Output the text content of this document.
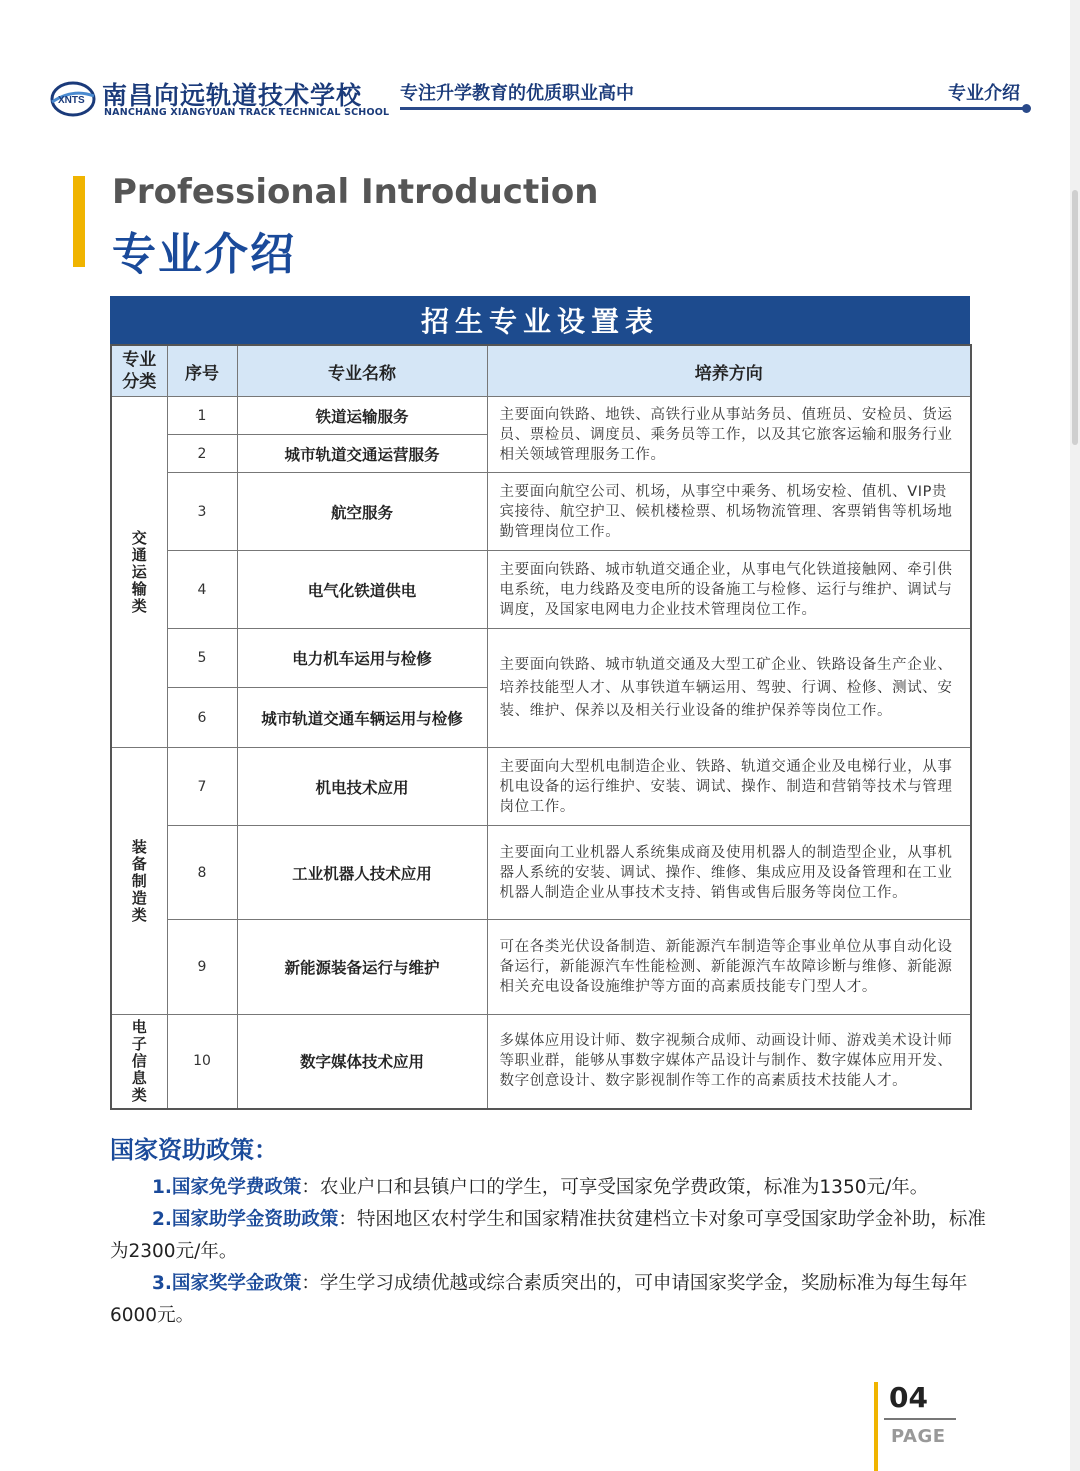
XNTS 南昌向远轨道技术学校
NANCHANG XIANGYUAN TRACK TECHNICAL SCHOOL
专注升学教育的优质职业高中	专业介绍
Professional Introduction
专业介绍
招生专业设置表
专业分类	序号	专业名称	培养方向
交通运输类	1	铁道运输服务	主要面向铁路、地铁、高铁行业从事站务员、值班员、安检员、货运员、票检员、调度员、乘务员等工作，以及其它旅客运输和服务行业相关领域管理服务工作。
	2	城市轨道交通运营服务	
	3	航空服务	主要面向航空公司、机场，从事空中乘务、机场安检、值机、VIP贵宾接待、航空护卫、候机楼检票、机场物流管理、客票销售等机场地勤管理岗位工作。
	4	电气化铁道供电	主要面向铁路、城市轨道交通企业，从事电气化铁道接触网、牵引供电系统，电力线路及变电所的设备施工与检修、运行与维护、调试与调度，及国家电网电力企业技术管理岗位工作。
	5	电力机车运用与检修	主要面向铁路、城市轨道交通及大型工矿企业、铁路设备生产企业、培养技能型人才、从事铁道车辆运用、驾驶、行调、检修、测试、安装、维护、保养以及相关行业设备的维护保养等岗位工作。
	6	城市轨道交通车辆运用与检修	
装备制造类	7	机电技术应用	主要面向大型机电制造企业、铁路、轨道交通企业及电梯行业，从事机电设备的运行维护、安装、调试、操作、制造和营销等技术与管理岗位工作。
	8	工业机器人技术应用	主要面向工业机器人系统集成商及使用机器人的制造型企业，从事机器人系统的安装、调试、操作、维修、集成应用及设备管理和在工业机器人制造企业从事技术支持、销售或售后服务等岗位工作。
	9	新能源装备运行与维护	可在各类光伏设备制造、新能源汽车制造等企事业单位从事自动化设备运行，新能源汽车性能检测、新能源汽车故障诊断与维修、新能源相关充电设备设施维护等方面的高素质技能专门型人才。
电子信息类	10	数字媒体技术应用	多媒体应用设计师、数字视频合成师、动画设计师、游戏美术设计师等职业群，能够从事数字媒体产品设计与制作、数字媒体应用开发、数字创意设计、数字影视制作等工作的高素质技术技能人才。
国家资助政策：
1.国家免学费政策：农业户口和县镇户口的学生，可享受国家免学费政策，标准为1350元/年。
2.国家助学金资助政策：特困地区农村学生和国家精准扶贫建档立卡对象可享受国家助学金补助，标准为2300元/年。
3.国家奖学金政策：学生学习成绩优越或综合素质突出的，可申请国家奖学金，奖励标准为每生每年6000元。
04
PAGE
